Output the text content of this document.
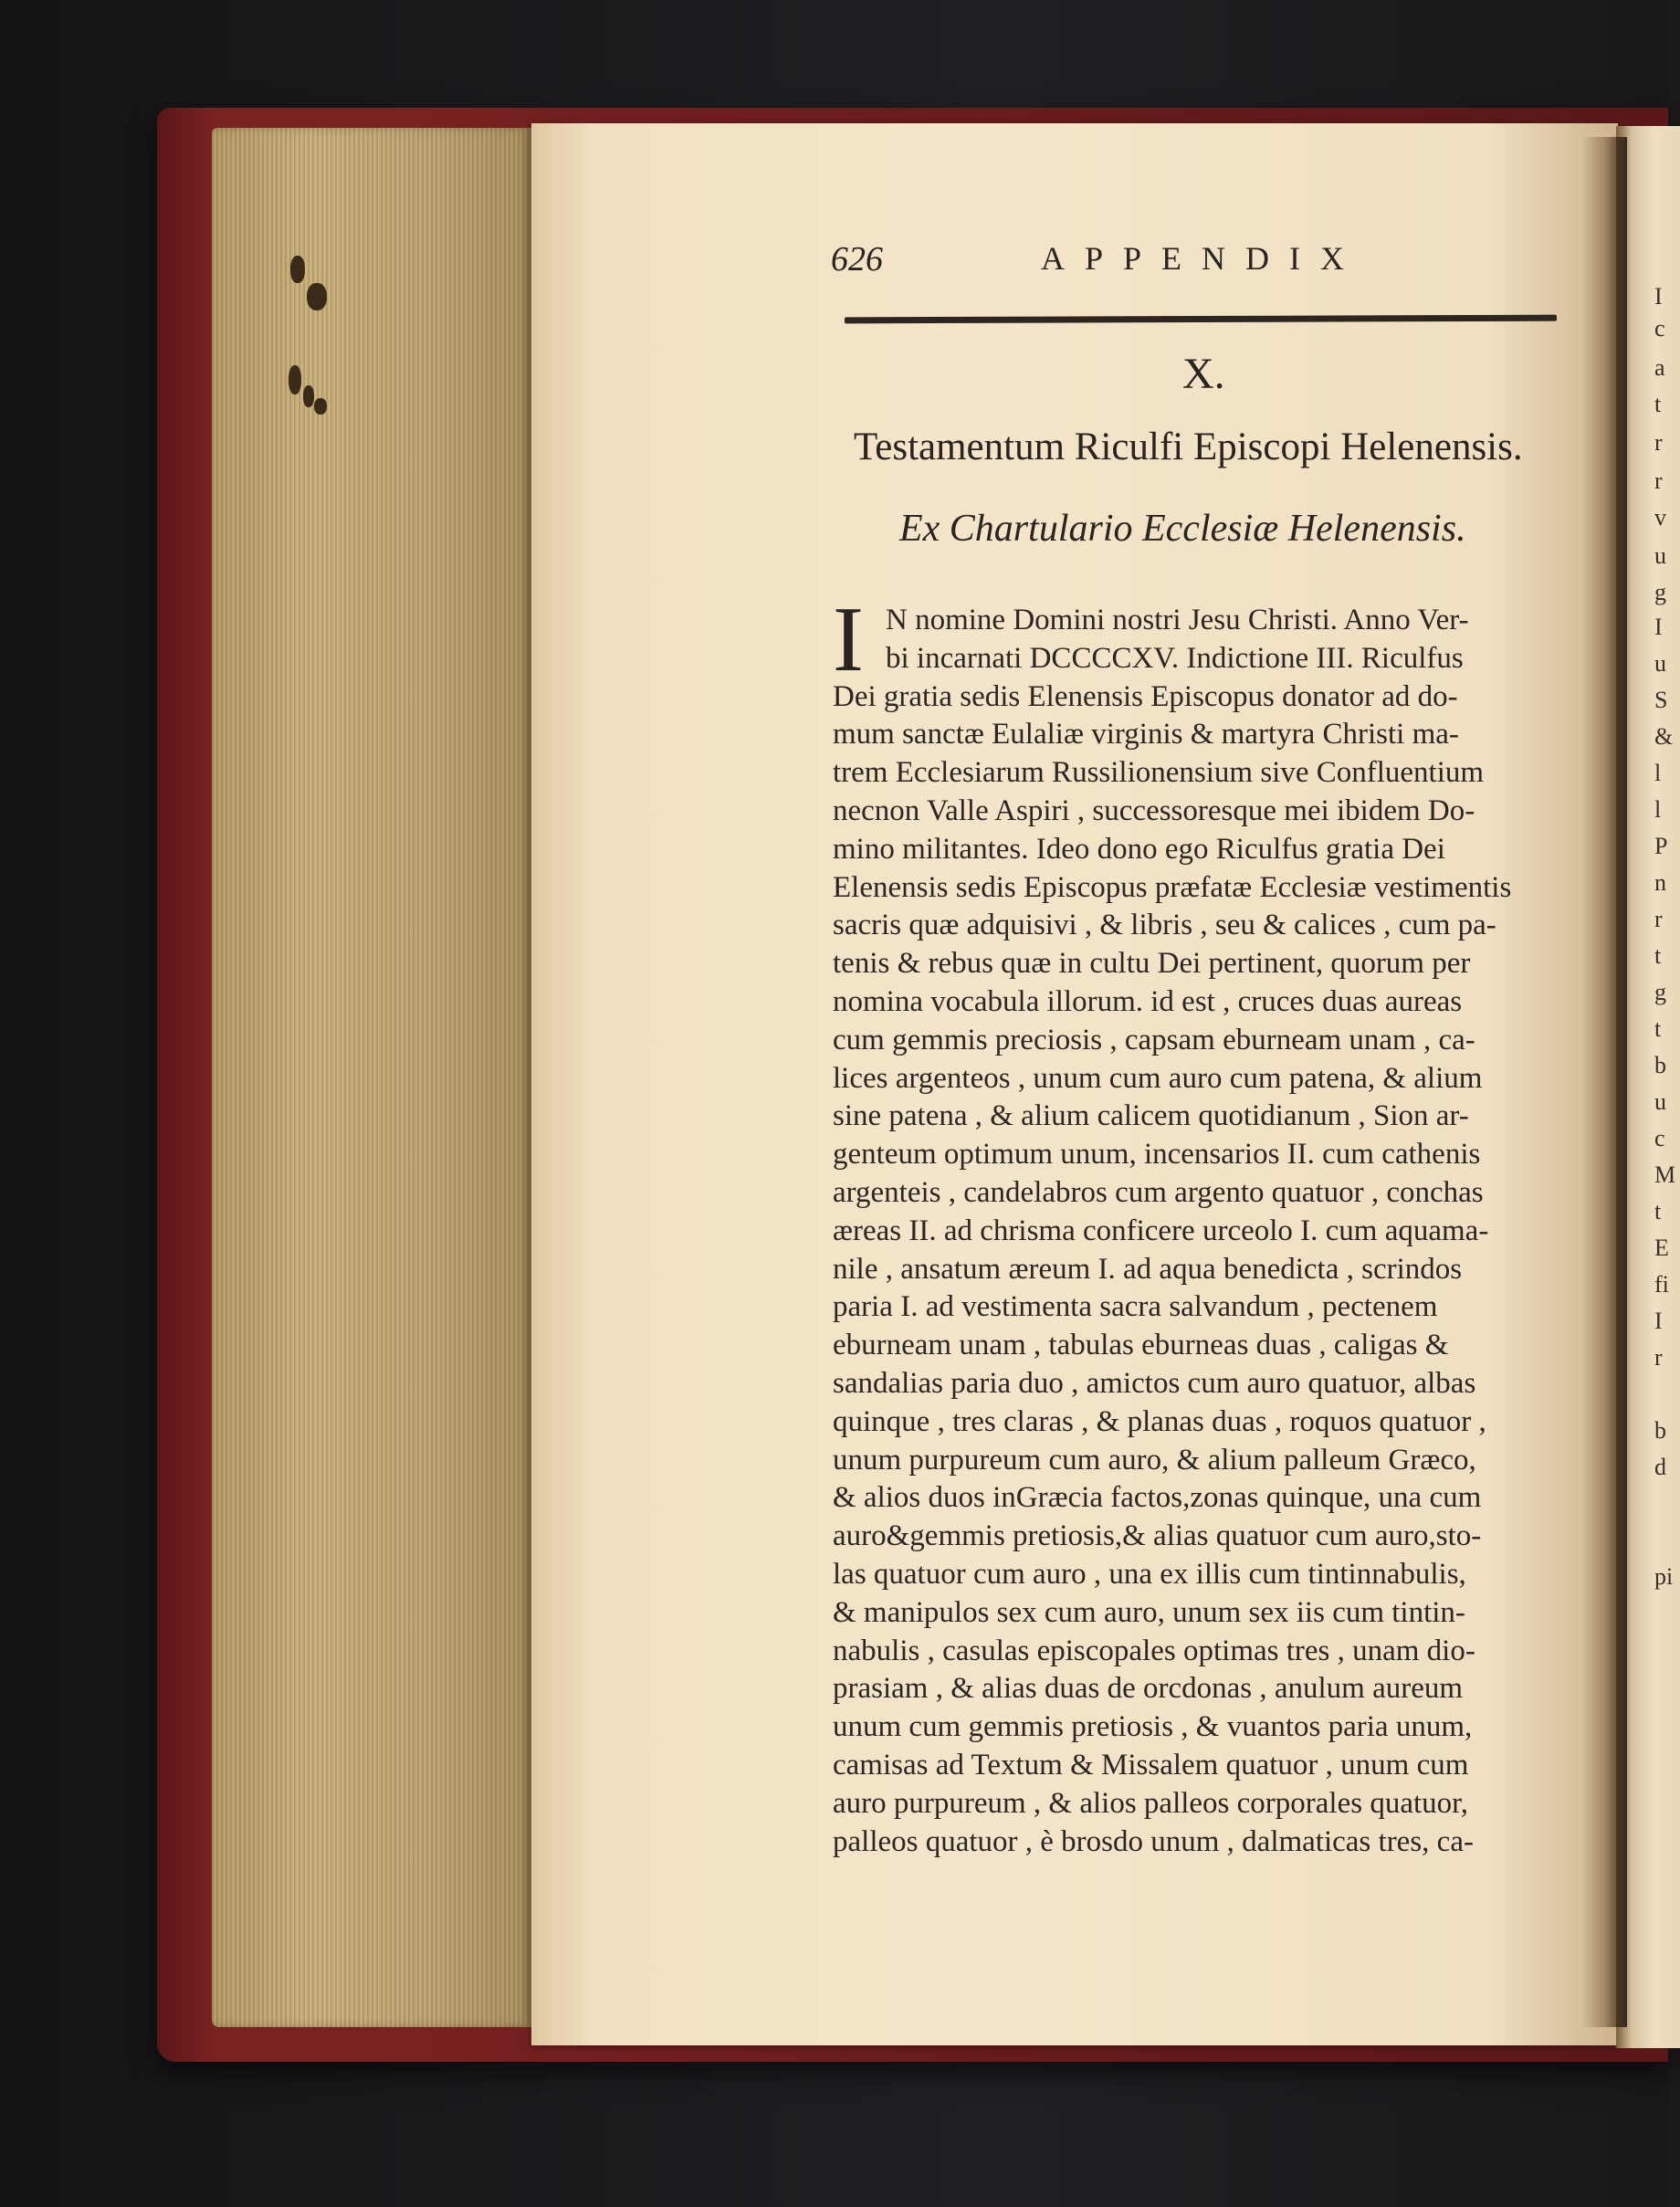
I
c
a
t
r
r
v
u
g
I
u
S
&
l
l
P
n
r
t
g
t
b
u
c
M
t
E
fi
I
r
b
d
pi
626	APPENDIX
X.
Testamentum Riculfi Episcopi Helenensis.
Ex Chartulario Ecclesiæ Helenensis.
I N nomine Domini nostri Jesu Christi. Anno Ver-
bi incarnati DCCCCXV. Indictione III. Riculfus
Dei gratia sedis Elenensis Episcopus donator ad do-
mum sanctæ Eulaliæ virginis & martyra Christi ma-
trem Ecclesiarum Russilionensium sive Confluentium
necnon Valle Aspiri , successoresque mei ibidem Do-
mino militantes. Ideo dono ego Riculfus gratia Dei
Elenensis sedis Episcopus præfatæ Ecclesiæ vestimentis
sacris quæ adquisivi , & libris , seu & calices , cum pa-
tenis & rebus quæ in cultu Dei pertinent, quorum per
nomina vocabula illorum. id est , cruces duas aureas
cum gemmis preciosis , capsam eburneam unam , ca-
lices argenteos , unum cum auro cum patena, & alium
sine patena , & alium calicem quotidianum , Sion ar-
genteum optimum unum, incensarios II. cum cathenis
argenteis , candelabros cum argento quatuor , conchas
æreas II. ad chrisma conficere urceolo I. cum aquama-
nile , ansatum æreum I. ad aqua benedicta , scrindos
paria I. ad vestimenta sacra salvandum , pectenem
eburneam unam , tabulas eburneas duas , caligas &
sandalias paria duo , amictos cum auro quatuor, albas
quinque , tres claras , & planas duas , roquos quatuor ,
unum purpureum cum auro, & alium palleum Græco,
& alios duos inGræcia factos,zonas quinque, una cum
auro&gemmis pretiosis,& alias quatuor cum auro,sto-
las quatuor cum auro , una ex illis cum tintinnabulis,
& manipulos sex cum auro, unum sex iis cum tintin-
nabulis , casulas episcopales optimas tres , unam dio-
prasiam , & alias duas de orcdonas , anulum aureum
unum cum gemmis pretiosis , & vuantos paria unum,
camisas ad Textum & Missalem quatuor , unum cum
auro purpureum , & alios palleos corporales quatuor,
palleos quatuor , è brosdo unum , dalmaticas tres, ca-
